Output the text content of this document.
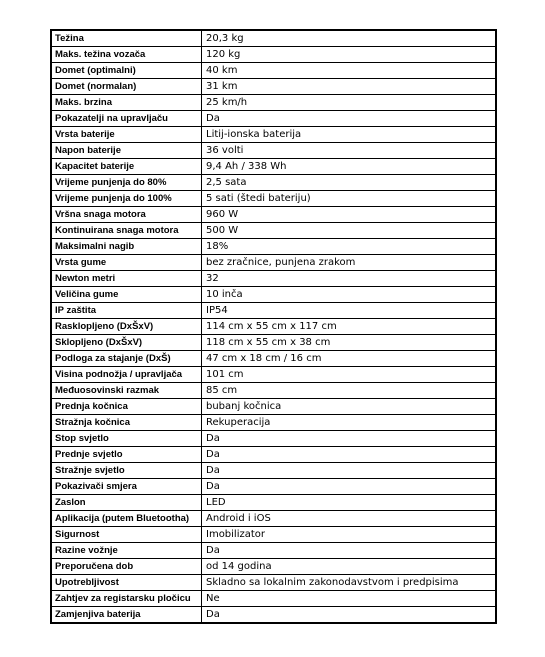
Težina	20,3 kg
Maks. težina vozača	120 kg
Domet (optimalni)	40 km
Domet (normalan)	31 km
Maks. brzina	25 km/h
Pokazatelji na upravljaču	Da
Vrsta baterije	Litij-ionska baterija
Napon baterije	36 volti
Kapacitet baterije	9,4 Ah / 338 Wh
Vrijeme punjenja do 80%	2,5 sata
Vrijeme punjenja do 100%	5 sati (štedi bateriju)
Vršna snaga motora	960 W
Kontinuirana snaga motora	500 W
Maksimalni nagib	18%
Vrsta gume	bez zračnice, punjena zrakom
Newton metri	32
Veličina gume	10 inča
IP zaštita	IP54
Rasklopljeno (DxŠxV)	114 cm x 55 cm x 117 cm
Sklopljeno (DxŠxV)	118 cm x 55 cm x 38 cm
Podloga za stajanje (DxŠ)	47 cm x 18 cm / 16 cm
Visina podnožja / upravljača	101 cm
Međuosovinski razmak	85 cm
Prednja kočnica	bubanj kočnica
Stražnja kočnica	Rekuperacija
Stop svjetlo	Da
Prednje svjetlo	Da
Stražnje svjetlo	Da
Pokazivači smjera	Da
Zaslon	LED
Aplikacija (putem Bluetootha)	Android i iOS
Sigurnost	Imobilizator
Razine vožnje	Da
Preporučena dob	od 14 godina
Upotrebljivost	Skladno sa lokalnim zakonodavstvom i predpisima
Zahtjev za registarsku pločicu	Ne
Zamjenjiva baterija	Da
